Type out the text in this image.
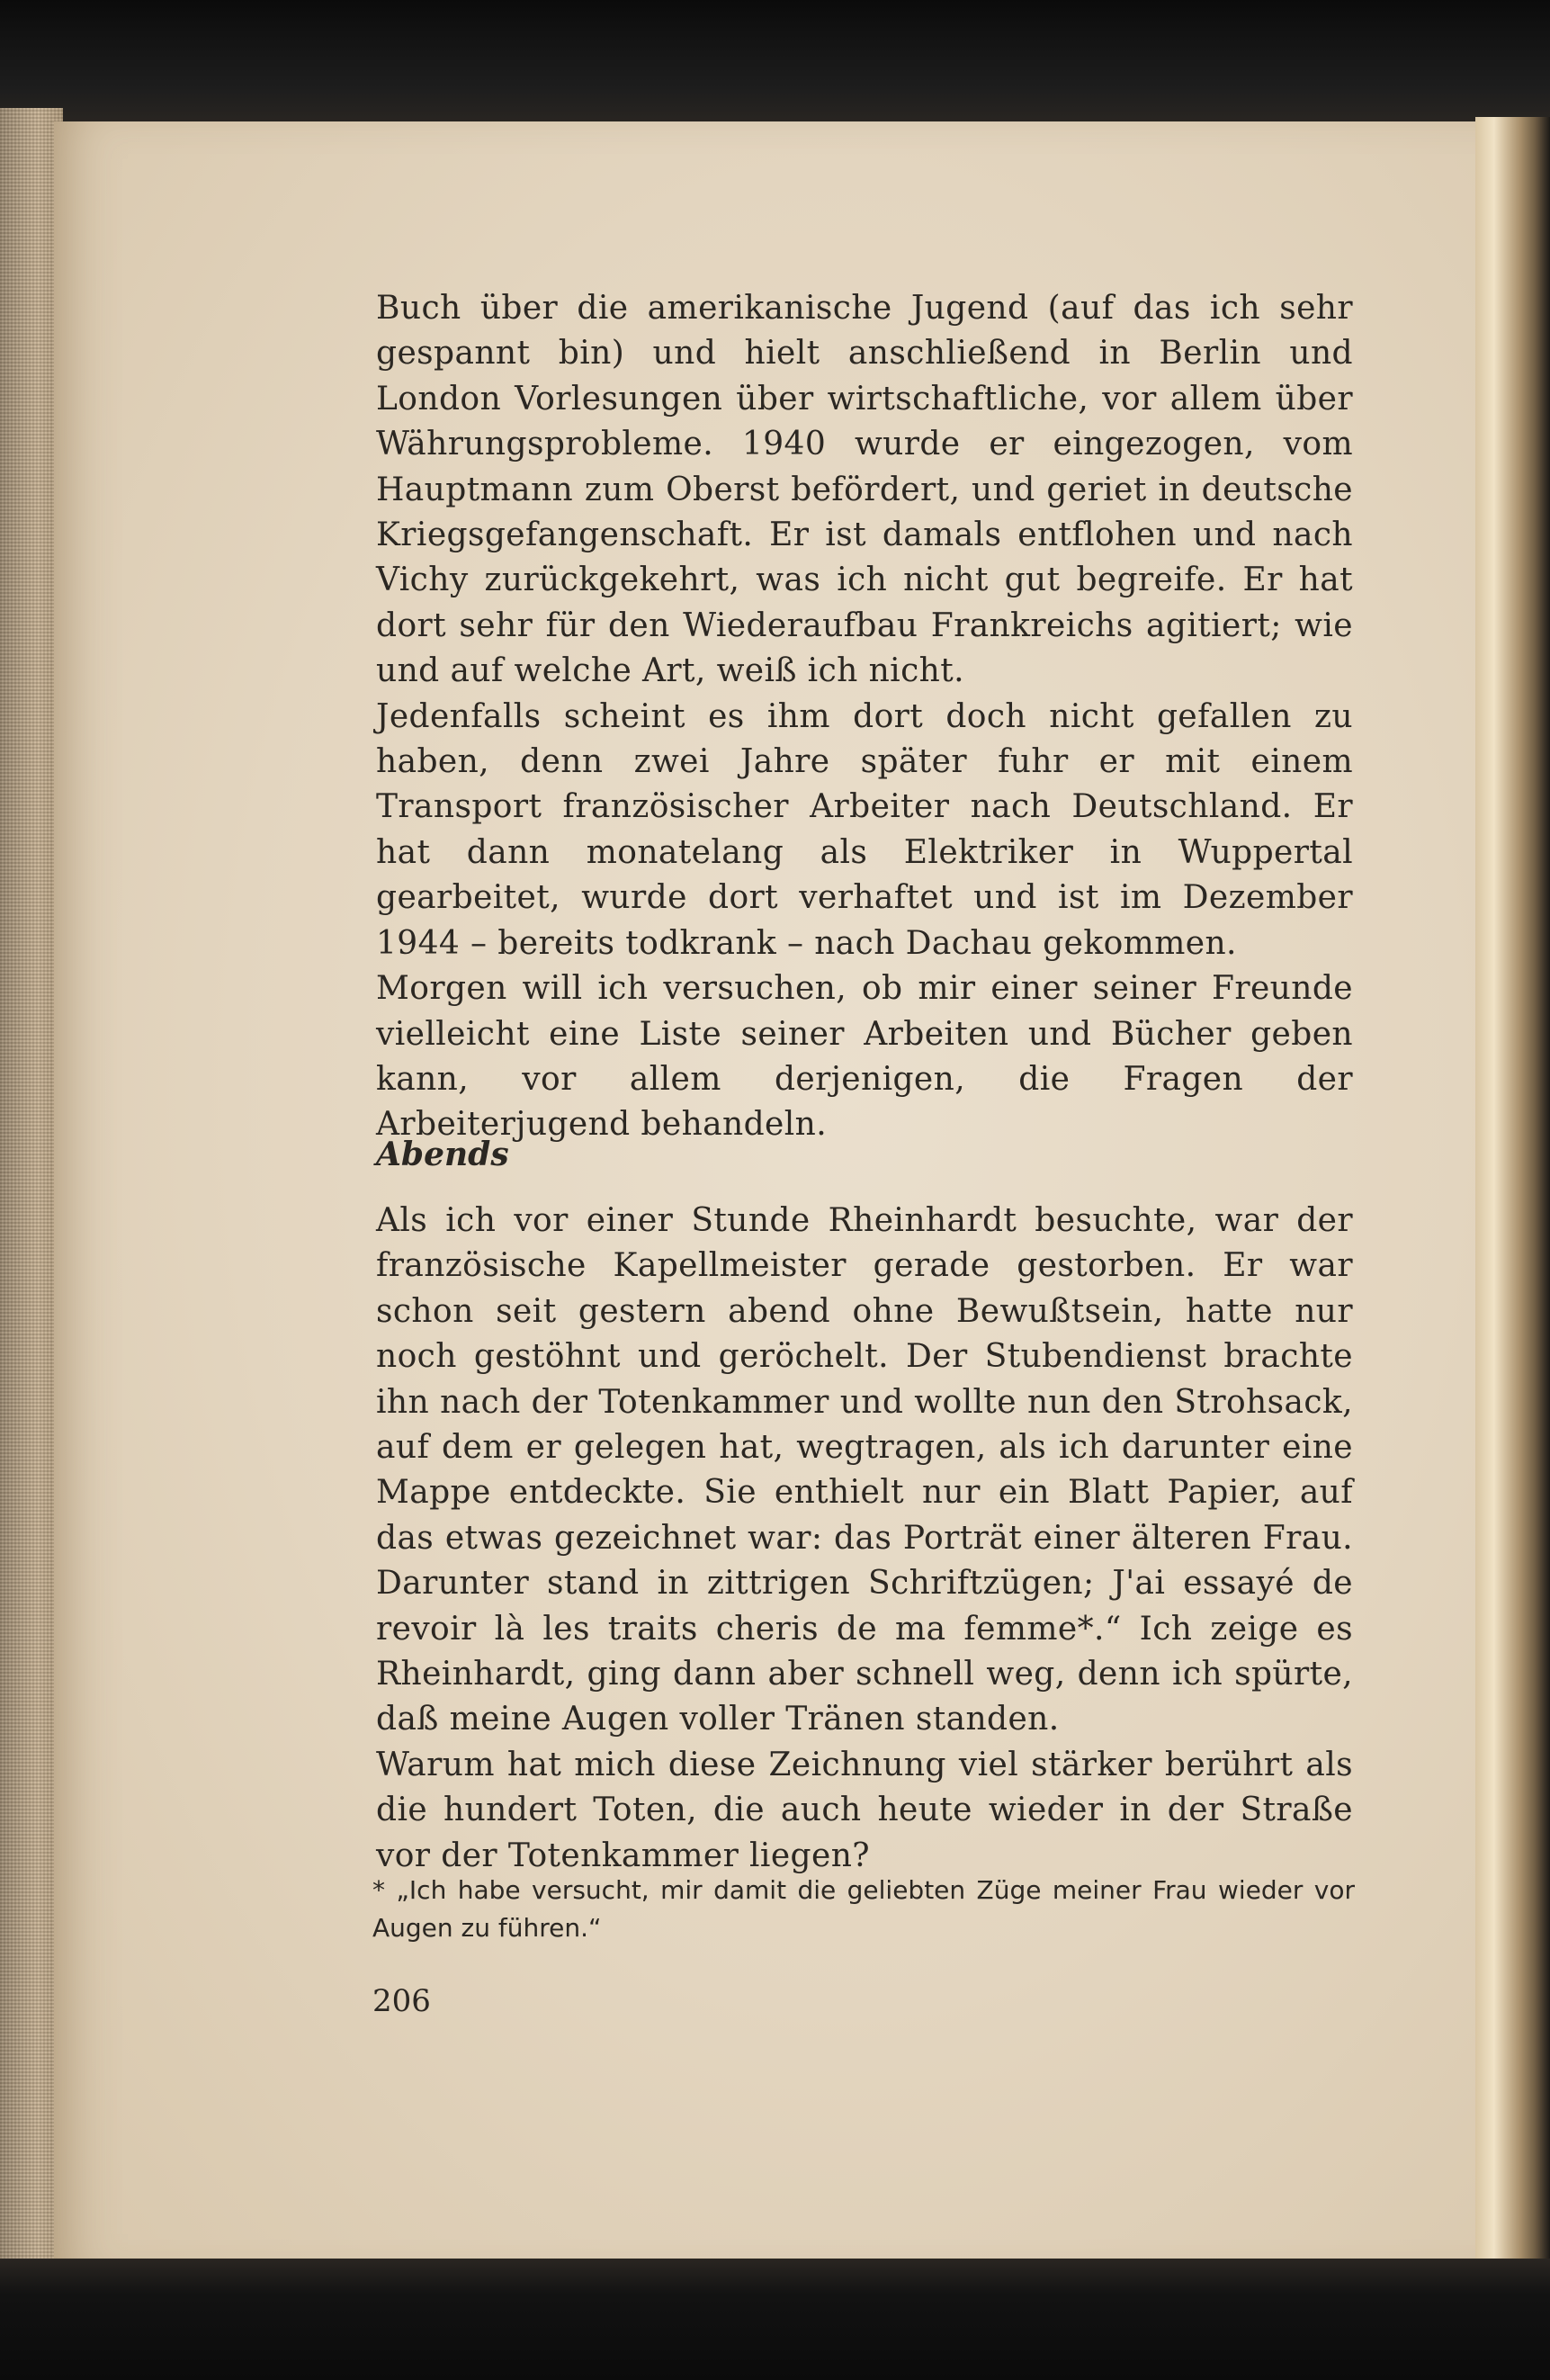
Buch über die amerikanische Jugend (auf das ich sehr gespannt bin) und hielt anschließend in Berlin und London Vorlesungen über wirtschaftliche, vor allem über Währungsprobleme. 1940 wurde er eingezogen, vom Hauptmann zum Oberst befördert, und geriet in deutsche Kriegsgefangenschaft. Er ist damals entflohen und nach Vichy zurückgekehrt, was ich nicht gut begreife. Er hat dort sehr für den Wiederaufbau Frankreichs agitiert; wie und auf welche Art, weiß ich nicht.

Jedenfalls scheint es ihm dort doch nicht gefallen zu haben, denn zwei Jahre später fuhr er mit einem Transport französischer Arbeiter nach Deutschland. Er hat dann monatelang als Elektriker in Wuppertal gearbeitet, wurde dort verhaftet und ist im Dezember 1944 – bereits todkrank – nach Dachau gekommen.

Morgen will ich versuchen, ob mir einer seiner Freunde vielleicht eine Liste seiner Arbeiten und Bücher geben kann, vor allem derjenigen, die Fragen der Arbeiterjugend behandeln.

Abends

Als ich vor einer Stunde Rheinhardt besuchte, war der französische Kapellmeister gerade gestorben. Er war schon seit gestern abend ohne Bewußtsein, hatte nur noch gestöhnt und geröchelt. Der Stubendienst brachte ihn nach der Totenkammer und wollte nun den Strohsack, auf dem er gelegen hat, wegtragen, als ich darunter eine Mappe entdeckte. Sie enthielt nur ein Blatt Papier, auf das etwas gezeichnet war: das Porträt einer älteren Frau. Darunter stand in zittrigen Schriftzügen; J'ai essayé de revoir là les traits cheris de ma femme*.“ Ich zeige es Rheinhardt, ging dann aber schnell weg, denn ich spürte, daß meine Augen voller Tränen standen.

Warum hat mich diese Zeichnung viel stärker berührt als die hundert Toten, die auch heute wieder in der Straße vor der Totenkammer liegen?

* „Ich habe versucht, mir damit die geliebten Züge meiner Frau wieder vor Augen zu führen.“

206
